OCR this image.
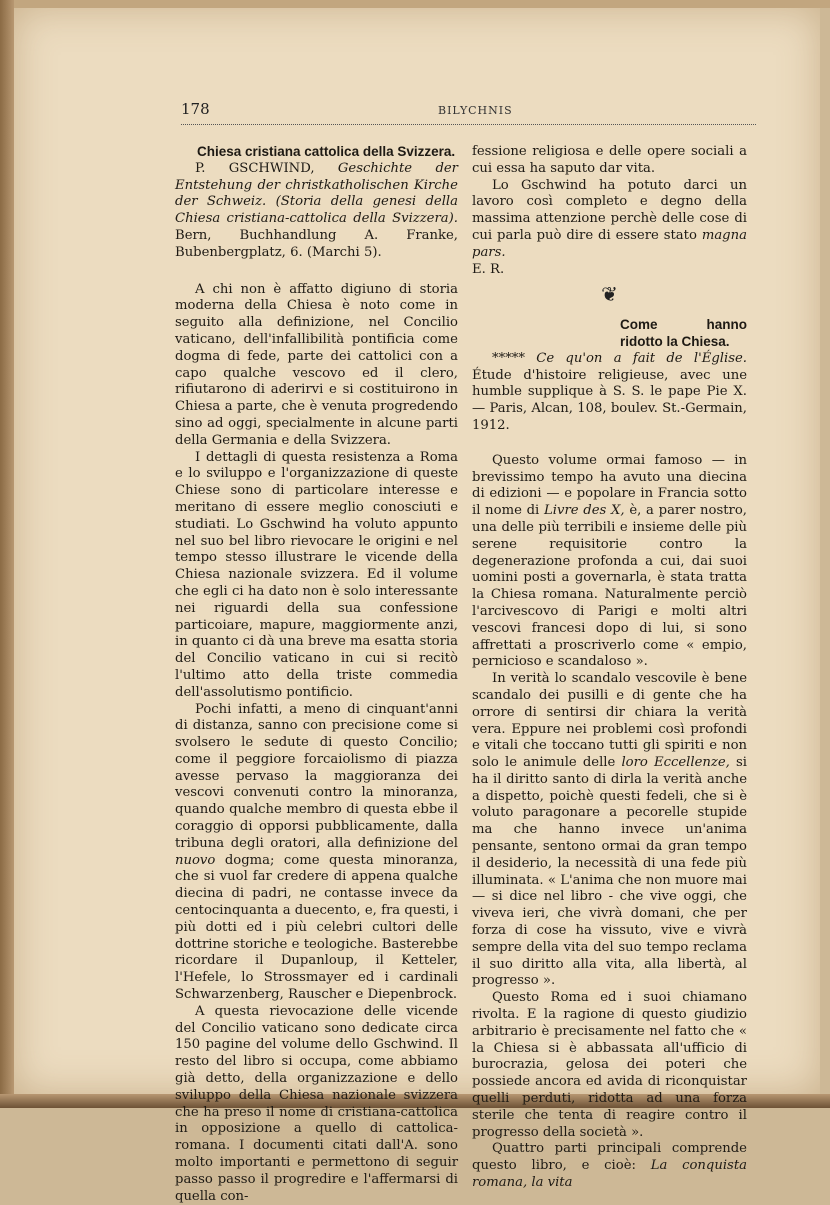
178	BILYCHNIS

Chiesa cristiana cattolica della Svizzera.

P. GSCHWIND, Geschichte der Entstehung der christkatholischen Kirche der Schweiz. (Storia della genesi della Chiesa cristiana-cattolica della Svizzera). Bern, Buchhandlung A. Franke, Bubenbergplatz, 6. (Marchi 5).

A chi non è affatto digiuno di storia moderna della Chiesa è noto come in seguito alla definizione, nel Concilio vaticano, dell'infallibilità pontificia come dogma di fede, parte dei cattolici con a capo qualche vescovo ed il clero, rifiutarono di aderirvi e si costituirono in Chiesa a parte, che è venuta progredendo sino ad oggi, specialmente in alcune parti della Germania e della Svizzera.

I dettagli di questa resistenza a Roma e lo sviluppo e l'organizzazione di queste Chiese sono di particolare interesse e meritano di essere meglio conosciuti e studiati. Lo Gschwind ha voluto appunto nel suo bel libro rievocare le origini e nel tempo stesso illustrare le vicende della Chiesa nazionale svizzera. Ed il volume che egli ci ha dato non è solo interessante nei riguardi della sua confessione particoiare, mapure, maggiormente anzi, in quanto ci dà una breve ma esatta storia del Concilio vaticano in cui si recitò l'ultimo atto della triste commedia dell'assolutismo pontificio.

Pochi infatti, a meno di cinquant'anni di distanza, sanno con precisione come si svolsero le sedute di questo Concilio; come il peggiore forcaiolismo di piazza avesse pervaso la maggioranza dei vescovi convenuti contro la minoranza, quando qualche membro di questa ebbe il coraggio di opporsi pubblicamente, dalla tribuna degli oratori, alla definizione del nuovo dogma; come questa minoranza, che si vuol far credere di appena qualche diecina di padri, ne contasse invece da centocinquanta a duecento, e, fra questi, i più dotti ed i più celebri cultori delle dottrine storiche e teologiche. Basterebbe ricordare il Dupanloup, il Ketteler, l'Hefele, lo Strossmayer ed i cardinali Schwarzenberg, Rauscher e Diepenbrock.

A questa rievocazione delle vicende del Concilio vaticano sono dedicate circa 150 pagine del volume dello Gschwind. Il resto del libro si occupa, come abbiamo già detto, della organizzazione e dello sviluppo della Chiesa nazionale svizzera che ha preso il nome di cristiana-cattolica in opposizione a quello di cattolica-romana. I documenti citati dall'A. sono molto importanti e permettono di seguir passo passo il progredire e l'affermarsi di quella con-

fessione religiosa e delle opere sociali a cui essa ha saputo dar vita.

Lo Gschwind ha potuto darci un lavoro così completo e degno della massima attenzione perchè delle cose di cui parla può dire di essere stato magna pars.

E. R.

❦

Come hanno ridotto la Chiesa.

***** Ce qu'on a fait de l'Église. Étude d'histoire religieuse, avec une humble supplique à S. S. le pape Pie X. — Paris, Alcan, 108, boulev. St.-Germain, 1912.

Questo volume ormai famoso — in brevissimo tempo ha avuto una diecina di edizioni — e popolare in Francia sotto il nome di Livre des X, è, a parer nostro, una delle più terribili e insieme delle più serene requisitorie contro la degenerazione profonda a cui, dai suoi uomini posti a governarla, è stata tratta la Chiesa romana. Naturalmente perciò l'arcivescovo di Parigi e molti altri vescovi francesi dopo di lui, si sono affrettati a proscriverlo come « empio, pernicioso e scandaloso ».

In verità lo scandalo vescovile è bene scandalo dei pusilli e di gente che ha orrore di sentirsi dir chiara la verità vera. Eppure nei problemi così profondi e vitali che toccano tutti gli spiriti e non solo le animule delle loro Eccellenze, si ha il diritto santo di dirla la verità anche a dispetto, poichè questi fedeli, che si è voluto paragonare a pecorelle stupide ma che hanno invece un'anima pensante, sentono ormai da gran tempo il desiderio, la necessità di una fede più illuminata. « L'anima che non muore mai — si dice nel libro - che vive oggi, che viveva ieri, che vivrà domani, che per forza di cose ha vissuto, vive e vivrà sempre della vita del suo tempo reclama il suo diritto alla vita, alla libertà, al progresso ».

Questo Roma ed i suoi chiamano rivolta. E la ragione di questo giudizio arbitrario è precisamente nel fatto che « la Chiesa si è abbassata all'ufficio di burocrazia, gelosa dei poteri che possiede ancora ed avida di riconquistar quelli perduti, ridotta ad una forza sterile che tenta di reagire contro il progresso della società ».

Quattro parti principali comprende questo libro, e cioè: La conquista romana, la vita
